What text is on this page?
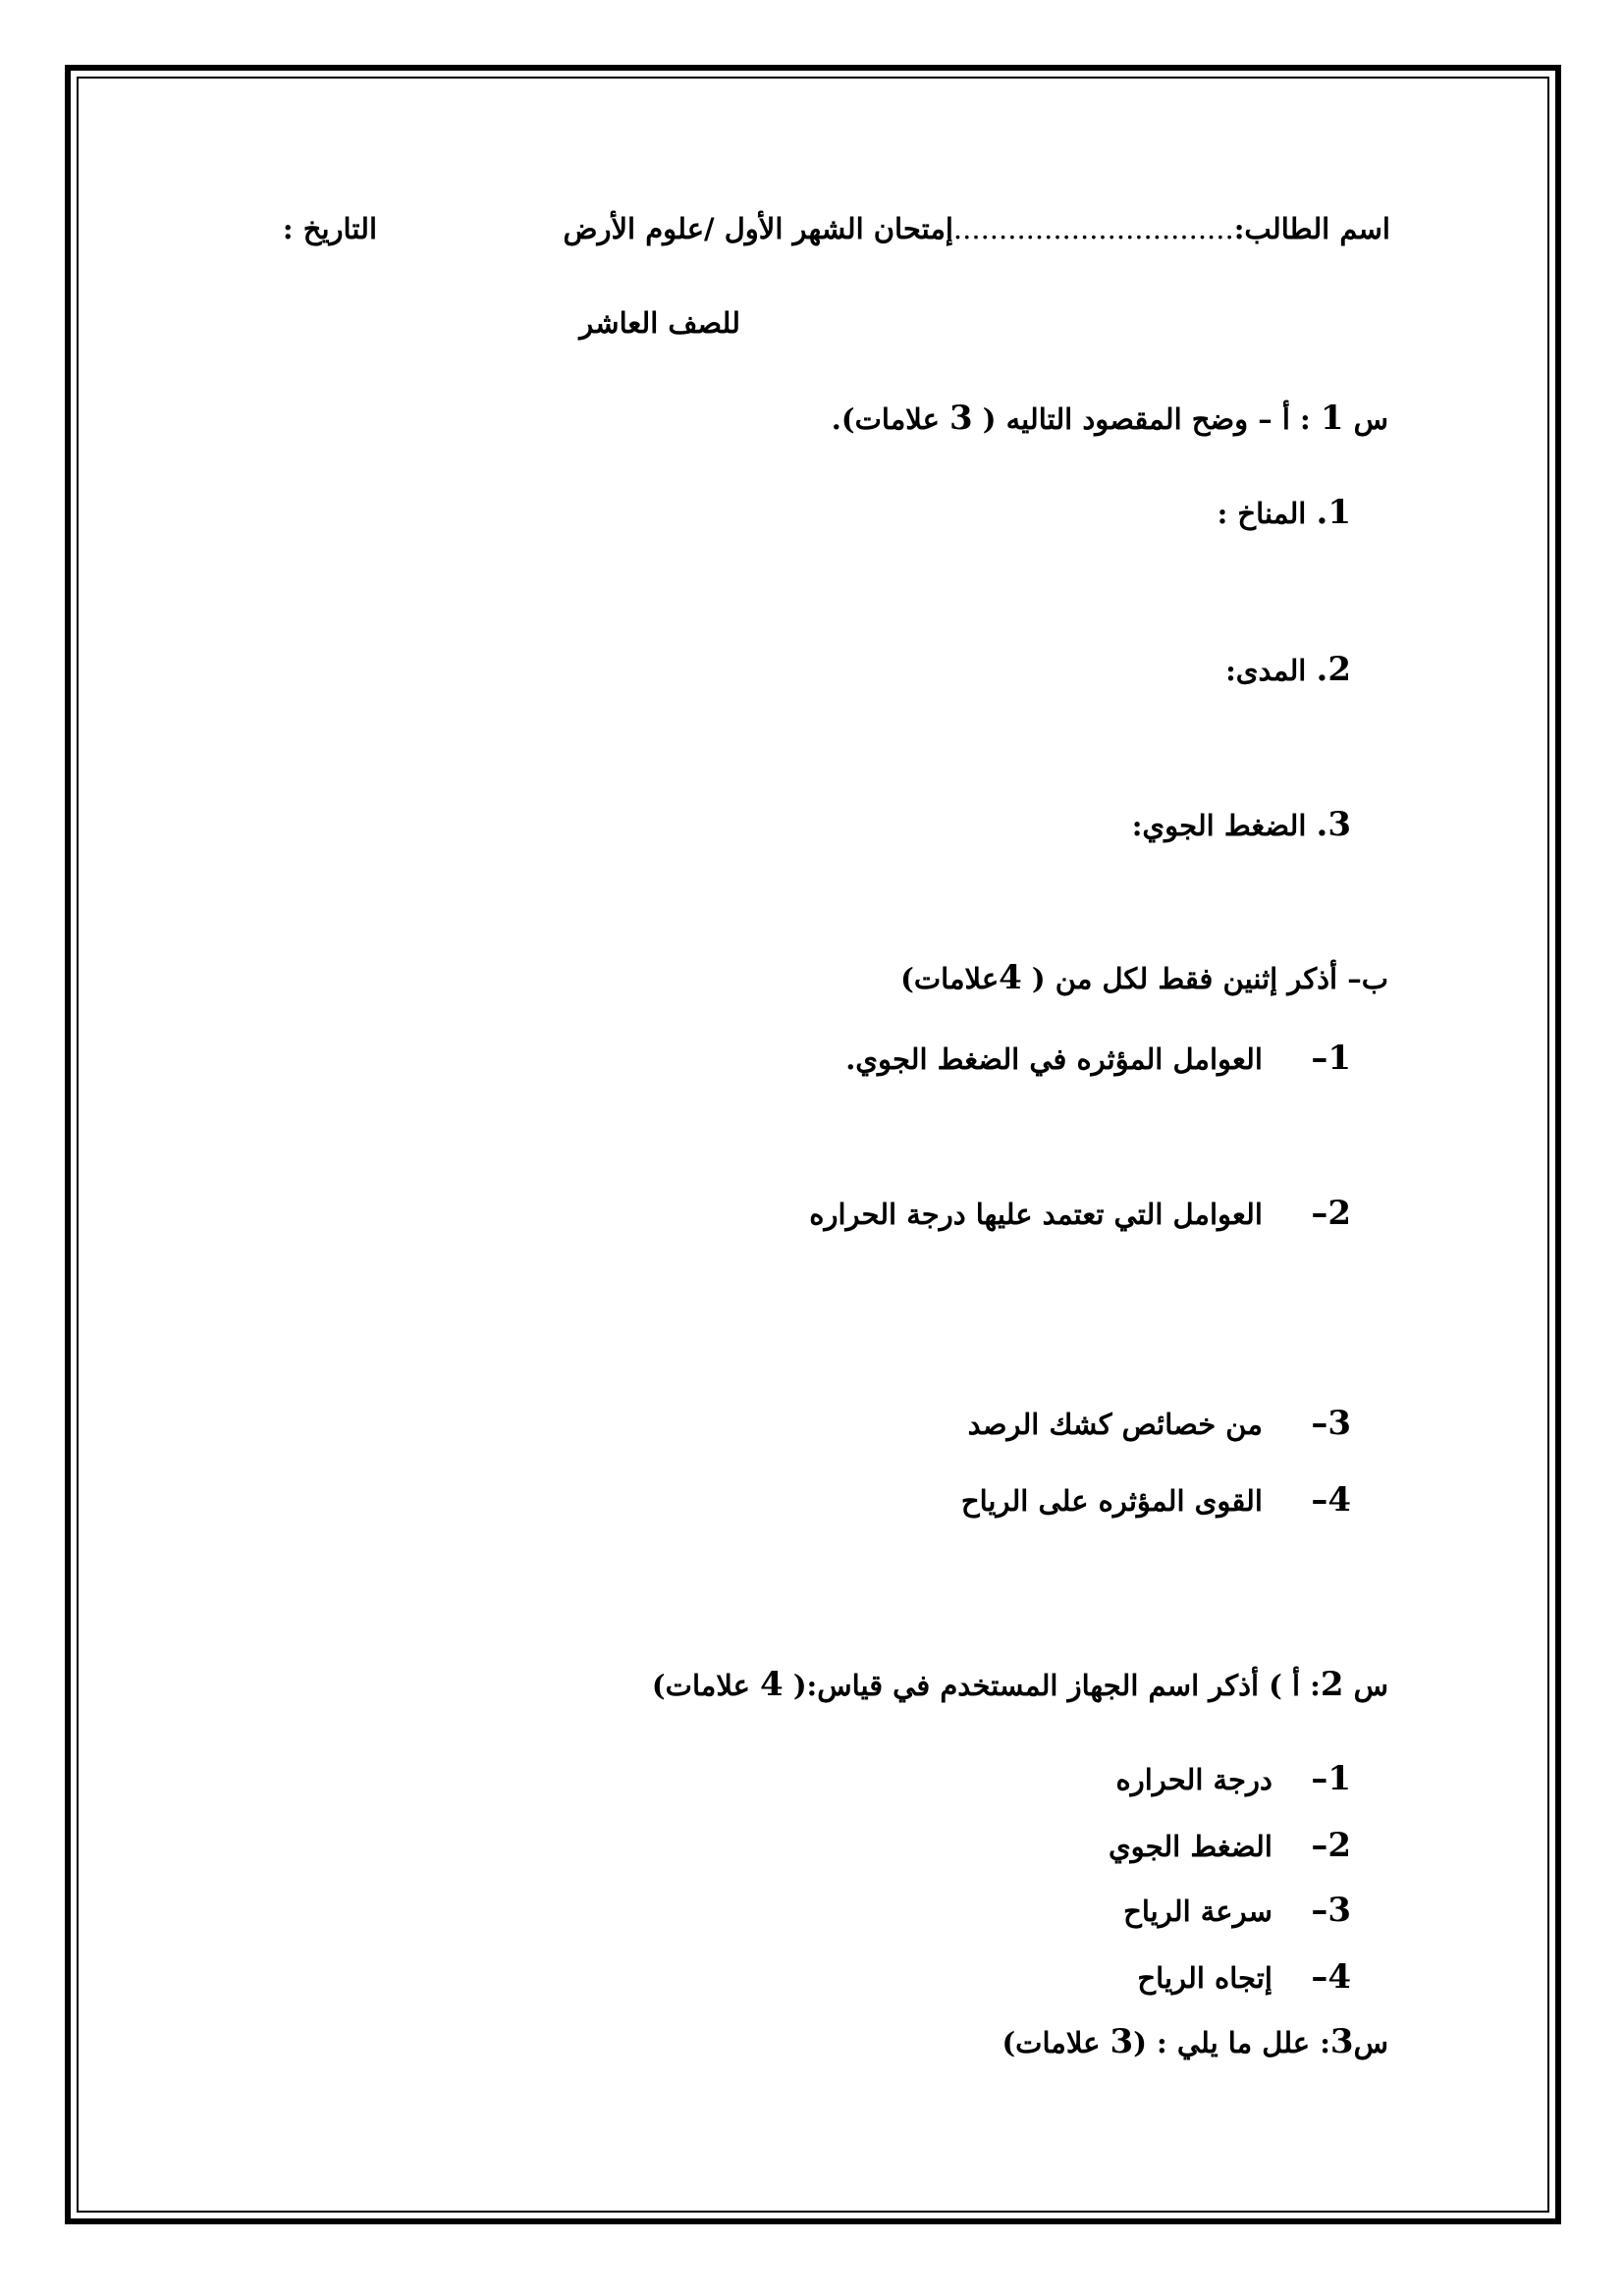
اسم الطالب:...............................إمتحان الشهر الأول /علوم الأرض
التاريخ :
للصف العاشر
س 1 : أ – وضح المقصود التاليه ( 3 علامات).
1. المناخ :
2. المدى:
3. الضغط الجوي:
ب– أذكر إثنين فقط لكل من ( 4علامات)
1– العوامل المؤثره في الضغط الجوي.
2– العوامل التي تعتمد عليها درجة الحراره
3– من خصائص كشك الرصد
4– القوى المؤثره على الرياح
س 2: أ ) أذكر اسم الجهاز المستخدم في قياس:( 4 علامات)
1– درجة الحراره
2– الضغط الجوي
3– سرعة الرياح
4– إتجاه الرياح
س3: علل ما يلي : (3 علامات)
